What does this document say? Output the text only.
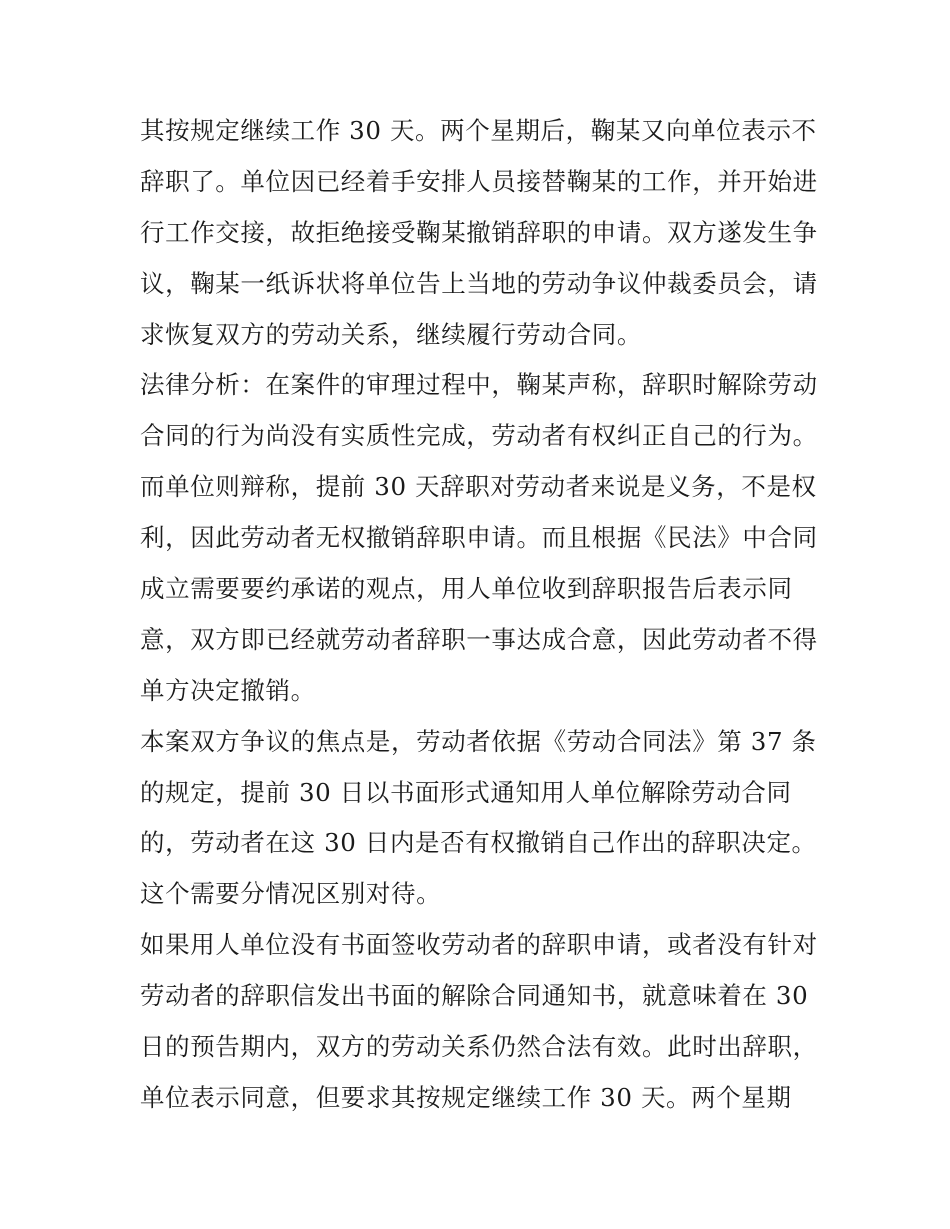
其按规定继续工作 30 天。两个星期后，鞠某又向单位表示不
辞职了。单位因已经着手安排人员接替鞠某的工作，并开始进
行工作交接，故拒绝接受鞠某撤销辞职的申请。双方遂发生争
议，鞠某一纸诉状将单位告上当地的劳动争议仲裁委员会，请
求恢复双方的劳动关系，继续履行劳动合同。
法律分析：在案件的审理过程中，鞠某声称，辞职时解除劳动
合同的行为尚没有实质性完成，劳动者有权纠正自己的行为。
而单位则辩称，提前 30 天辞职对劳动者来说是义务，不是权
利，因此劳动者无权撤销辞职申请。而且根据《民法》中合同
成立需要要约承诺的观点，用人单位收到辞职报告后表示同
意，双方即已经就劳动者辞职一事达成合意，因此劳动者不得
单方决定撤销。
本案双方争议的焦点是，劳动者依据《劳动合同法》第 37 条
的规定，提前 30 日以书面形式通知用人单位解除劳动合同
的，劳动者在这 30 日内是否有权撤销自己作出的辞职决定。
这个需要分情况区别对待。
如果用人单位没有书面签收劳动者的辞职申请，或者没有针对
劳动者的辞职信发出书面的解除合同通知书，就意味着在 30
日的预告期内，双方的劳动关系仍然合法有效。此时出辞职，
单位表示同意，但要求其按规定继续工作 30 天。两个星期
